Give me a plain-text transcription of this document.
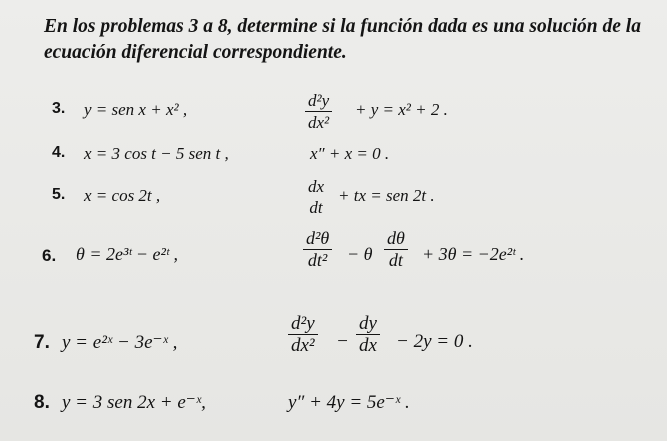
En los problemas 3 a 8, determine si la función dada es una solución de la ecuación diferencial correspondiente.
3. y = sen x + x² ,	$\frac{\text{d²y}}{\text{dx²}} + y = x^2 + 2$ .
4. x = 3 cos t − 5 sen t ,	x″ + x = 0 .
5. x = cos 2t ,	dx
dt
+ tx = sen 2t .
6. θ = 2e³ᵗ − e²ᵗ ,	$\frac{\text{d²θ}}{\text{dt²}} - \theta \frac{d\theta}{dt} + 3\theta$ = −2e²ᵗ .
7. y = e²ˣ − 3e⁻ˣ ,	$\frac{\text{d²y}}{\text{dx²}} - \frac{dy}{dx} - 2y = 0$ .
8. y = 3 sen 2x + e⁻ˣ,	y″ + 4y = 5e⁻ˣ .
